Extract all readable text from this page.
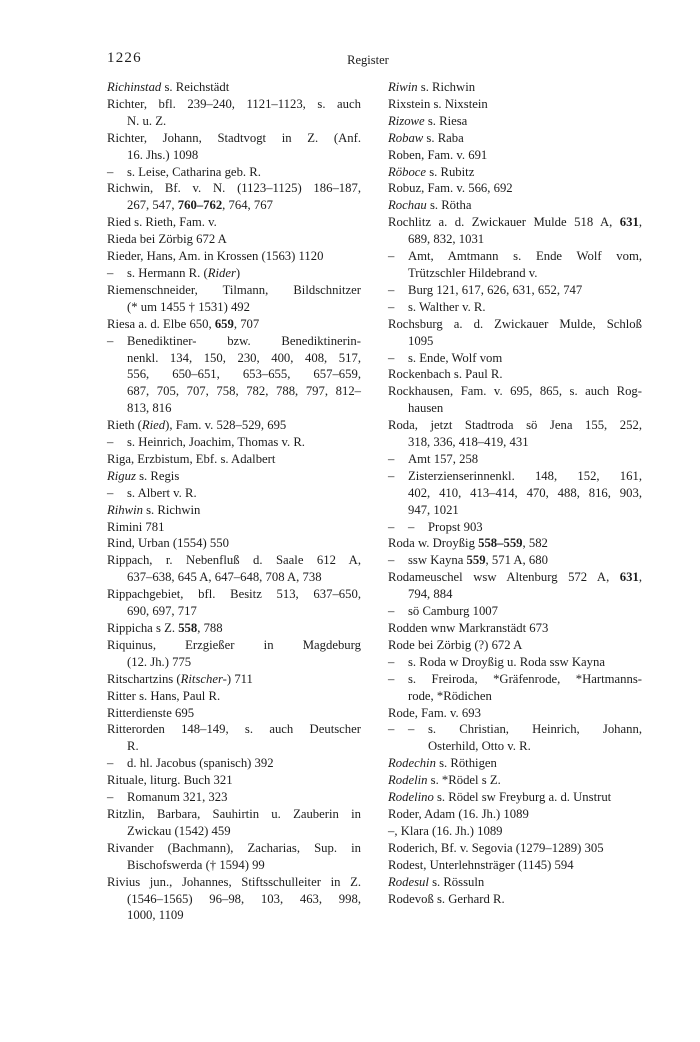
1226	Register
Richinstad s. Reichstädt
Richter, bfl. 239–240, 1121–1123, s. auch
N. u. Z.
Richter, Johann, Stadtvogt in Z. (Anf.
16. Jhs.) 1098
– s. Leise, Catharina geb. R.
Richwin, Bf. v. N. (1123–1125) 186–187,
267, 547, 760–762, 764, 767
Ried s. Rieth, Fam. v.
Rieda bei Zörbig 672 A
Rieder, Hans, Am. in Krossen (1563) 1120
– s. Hermann R. (Rider)
Riemenschneider, Tilmann, Bildschnitzer
(* um 1455 † 1531) 492
Riesa a. d. Elbe 650, 659, 707
– Benediktiner- bzw. Benediktinerin-
nenkl. 134, 150, 230, 400, 408, 517,
556, 650–651, 653–655, 657–659,
687, 705, 707, 758, 782, 788, 797, 812–
813, 816
Rieth (Ried), Fam. v. 528–529, 695
– s. Heinrich, Joachim, Thomas v. R.
Riga, Erzbistum, Ebf. s. Adalbert
Riguz s. Regis
– s. Albert v. R.
Rihwin s. Richwin
Rimini 781
Rind, Urban (1554) 550
Rippach, r. Nebenfluß d. Saale 612 A,
637–638, 645 A, 647–648, 708 A, 738
Rippachgebiet, bfl. Besitz 513, 637–650,
690, 697, 717
Rippicha s Z. 558, 788
Riquinus, Erzgießer in Magdeburg
(12. Jh.) 775
Ritschartzins (Ritscher-) 711
Ritter s. Hans, Paul R.
Ritterdienste 695
Ritterorden 148–149, s. auch Deutscher
R.
– d. hl. Jacobus (spanisch) 392
Rituale, liturg. Buch 321
– Romanum 321, 323
Ritzlin, Barbara, Sauhirtin u. Zauberin in
Zwickau (1542) 459
Rivander (Bachmann), Zacharias, Sup. in
Bischofswerda († 1594) 99
Rivius jun., Johannes, Stiftsschulleiter in Z.
(1546–1565) 96–98, 103, 463, 998,
1000, 1109
Riwin s. Richwin
Rixstein s. Nixstein
Rizowe s. Riesa
Robaw s. Raba
Roben, Fam. v. 691
Röboce s. Rubitz
Robuz, Fam. v. 566, 692
Rochau s. Rötha
Rochlitz a. d. Zwickauer Mulde 518 A, 631,
689, 832, 1031
– Amt, Amtmann s. Ende Wolf vom,
Trützschler Hildebrand v.
– Burg 121, 617, 626, 631, 652, 747
– s. Walther v. R.
Rochsburg a. d. Zwickauer Mulde, Schloß
1095
– s. Ende, Wolf vom
Rockenbach s. Paul R.
Rockhausen, Fam. v. 695, 865, s. auch Rog-
hausen
Roda, jetzt Stadtroda sö Jena 155, 252,
318, 336, 418–419, 431
– Amt 157, 258
– Zisterzienserinnenkl. 148, 152, 161,
402, 410, 413–414, 470, 488, 816, 903,
947, 1021
– – Propst 903
Roda w. Droyßig 558–559, 582
– ssw Kayna 559, 571 A, 680
Rodameuschel wsw Altenburg 572 A, 631,
794, 884
– sö Camburg 1007
Rodden wnw Markranstädt 673
Rode bei Zörbig (?) 672 A
– s. Roda w Droyßig u. Roda ssw Kayna
– s. Freiroda, *Gräfenrode, *Hartmanns-
rode, *Rödichen
Rode, Fam. v. 693
– – s. Christian, Heinrich, Johann,
Osterhild, Otto v. R.
Rodechin s. Röthigen
Rodelin s. *Rödel s Z.
Rodelino s. Rödel sw Freyburg a. d. Unstrut
Roder, Adam (16. Jh.) 1089
–, Klara (16. Jh.) 1089
Roderich, Bf. v. Segovia (1279–1289) 305
Rodest, Unterlehnsträger (1145) 594
Rodesul s. Rössuln
Rodevoß s. Gerhard R.
